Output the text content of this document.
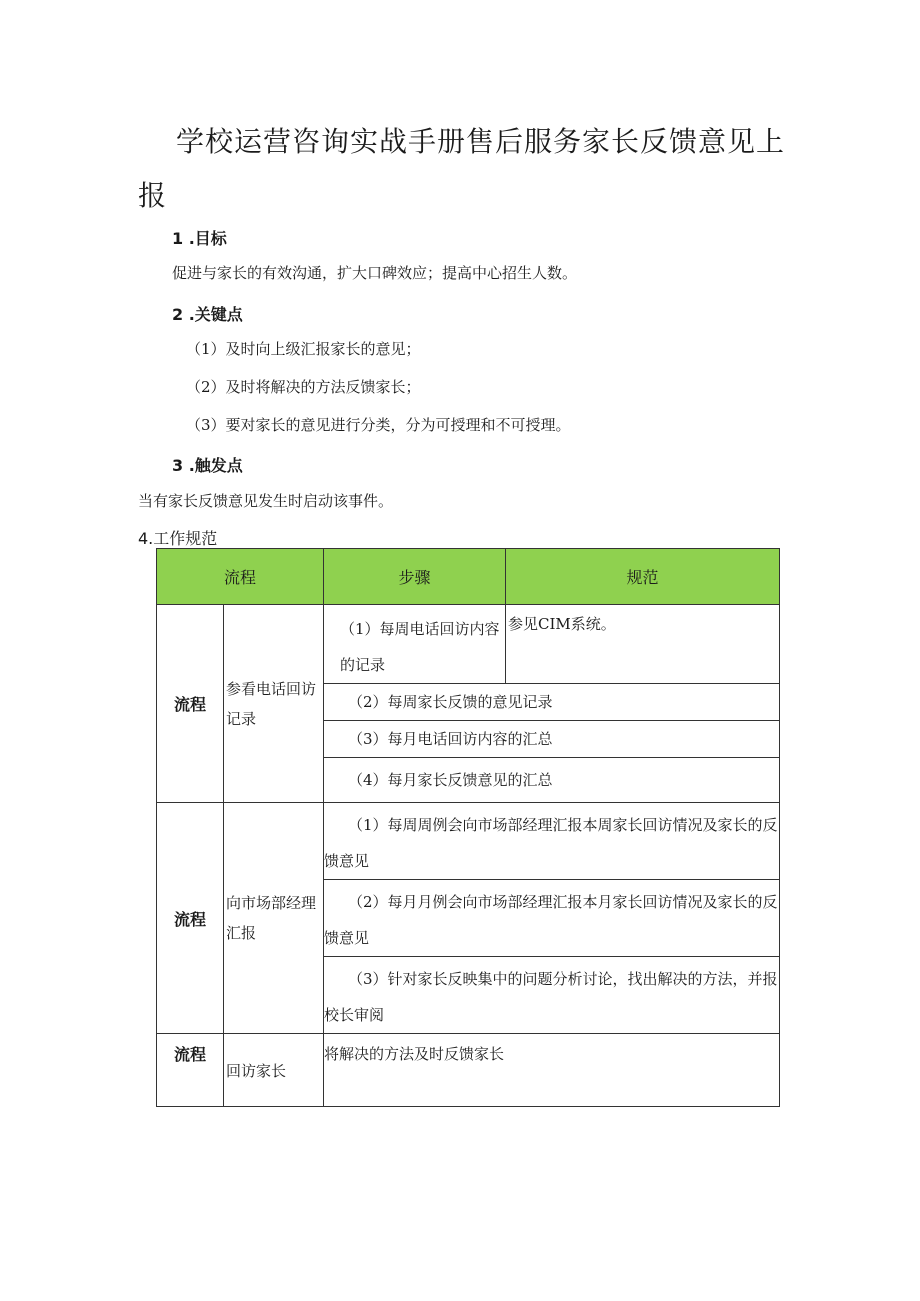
学校运营咨询实战手册售后服务家长反馈意见上
报
1 .目标
促进与家长的有效沟通，扩大口碑效应；提高中心招生人数。
2 .关键点
（1）及时向上级汇报家长的意见；
（2）及时将解决的方法反馈家长；
（3）要对家长的意见进行分类，分为可授理和不可授理。
3 .触发点
当有家长反馈意见发生时启动该事件。
4.工作规范
流程		步骤	规范
流程	参看电话回访记录	（1）每周电话回访内容的记录	参见CIM系统。

		（2）每周家长反馈的意见记录	

		（3）每月电话回访内容的汇总	

		（4）每月家长反馈意见的汇总	

流程	向市场部经理汇报	（1）每周周例会向市场部经理汇报本周家长回访情况及家长的反馈意见	

		（2）每月月例会向市场部经理汇报本月家长回访情况及家长的反馈意见	

		（3）针对家长反映集中的问题分析讨论，找出解决的方法，并报校长审阅	

流程	回访家长	将解决的方法及时反馈家长	
